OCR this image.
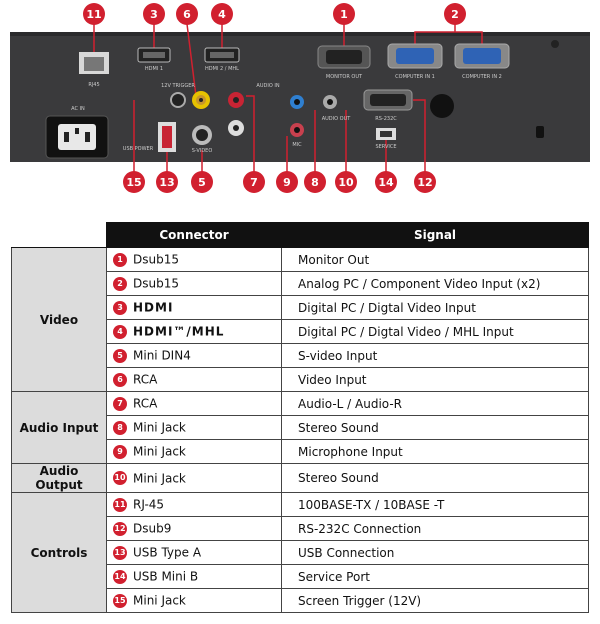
RJ45
HDMI 1	HDMI 2 / MHL
MONITOR OUT	COMPUTER IN 1	COMPUTER IN 2
12V TRIGGER	AUDIO IN
AUDIO OUT
MIC
RS-232C
SERVICE
AC IN
USB POWER	S-VIDEO
11	3 6 4	1	2
15 13 5	7 9 8 10 14 12
	Connector	Signal
Video	1 Dsub15	Monitor Out
	2 Dsub15	Analog PC / Component Video Input (x2)
	3 HDMI	Digital PC / Digtal Video Input
	4 HDMI™/MHL	Digital PC / Digtal Video / MHL Input
	5 Mini DIN4	S-video Input
	6 RCA	Video Input
Audio Input	7 RCA	Audio-L / Audio-R
	8 Mini Jack	Stereo Sound
	9 Mini Jack	Microphone Input
Audio Output	10 Mini Jack	Stereo Sound
Controls	11 RJ-45	100BASE-TX / 10BASE -T
	12 Dsub9	RS-232C Connection
	13 USB Type A	USB Connection
	14 USB Mini B	Service Port
	15 Mini Jack	Screen Trigger (12V)
